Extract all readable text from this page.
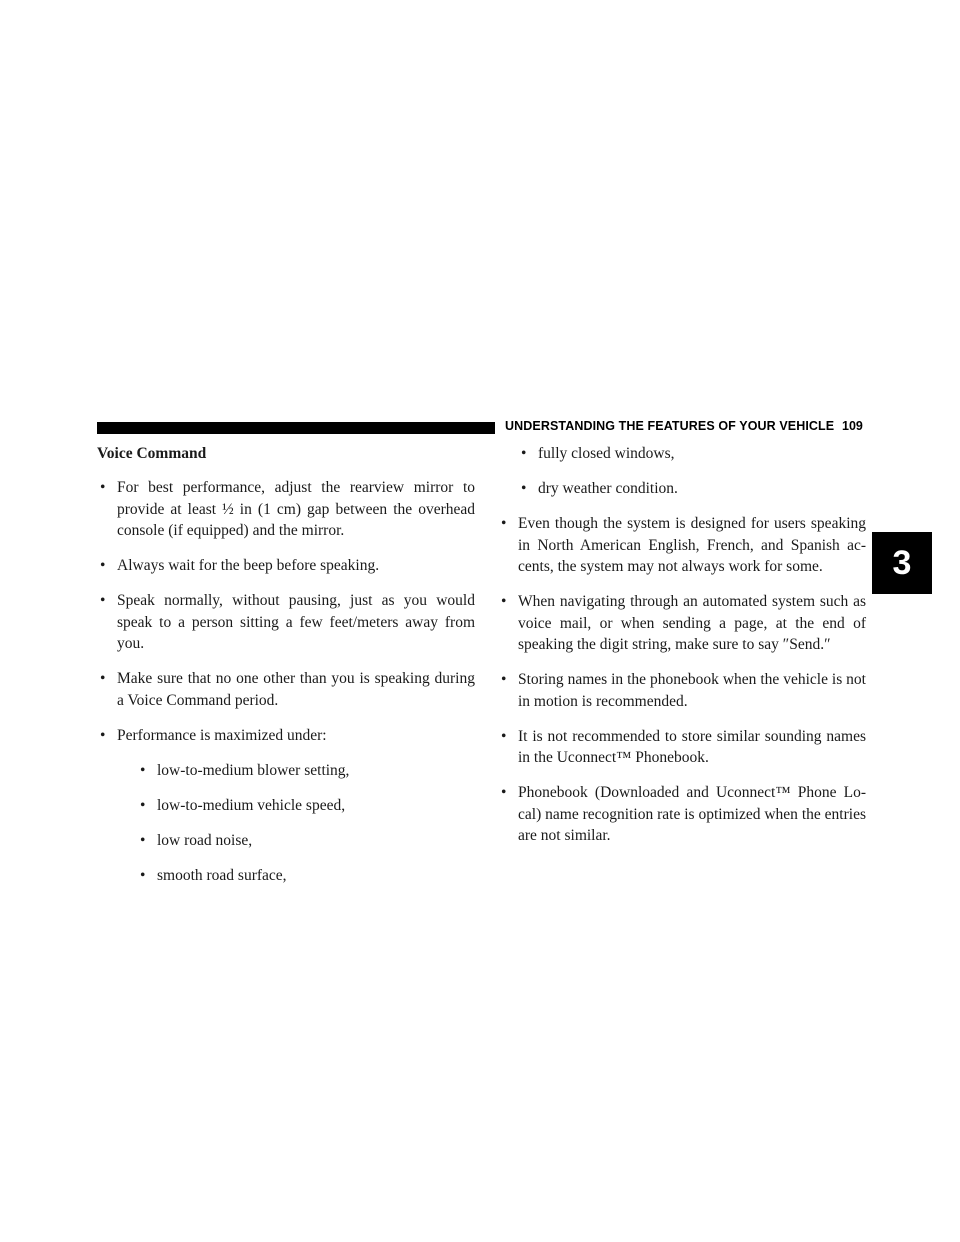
UNDERSTANDING THE FEATURES OF YOUR VEHICLE 109
3
Voice Command
• For best performance, adjust the rearview mirror to provide at least ½ in (1 cm) gap between the overhead console (if equipped) and the mirror.
• Always wait for the beep before speaking.
• Speak normally, without pausing, just as you would speak to a person sitting a few feet/meters away from you.
• Make sure that no one other than you is speaking during a Voice Command period.
• Performance is maximized under:
• low-to-medium blower setting,
• low-to-medium vehicle speed,
• low road noise,
• smooth road surface,
• fully closed windows,
• dry weather condition.
• Even though the system is designed for users speaking in North American English, French, and Spanish ac- cents, the system may not always work for some.
• When navigating through an automated system such as voice mail, or when sending a page, at the end of speaking the digit string, make sure to say ″Send.″
• Storing names in the phonebook when the vehicle is not in motion is recommended.
• It is not recommended to store similar sounding names in the Uconnect™ Phonebook.
• Phonebook (Downloaded and Uconnect™ Phone Lo- cal) name recognition rate is optimized when the entries are not similar.
